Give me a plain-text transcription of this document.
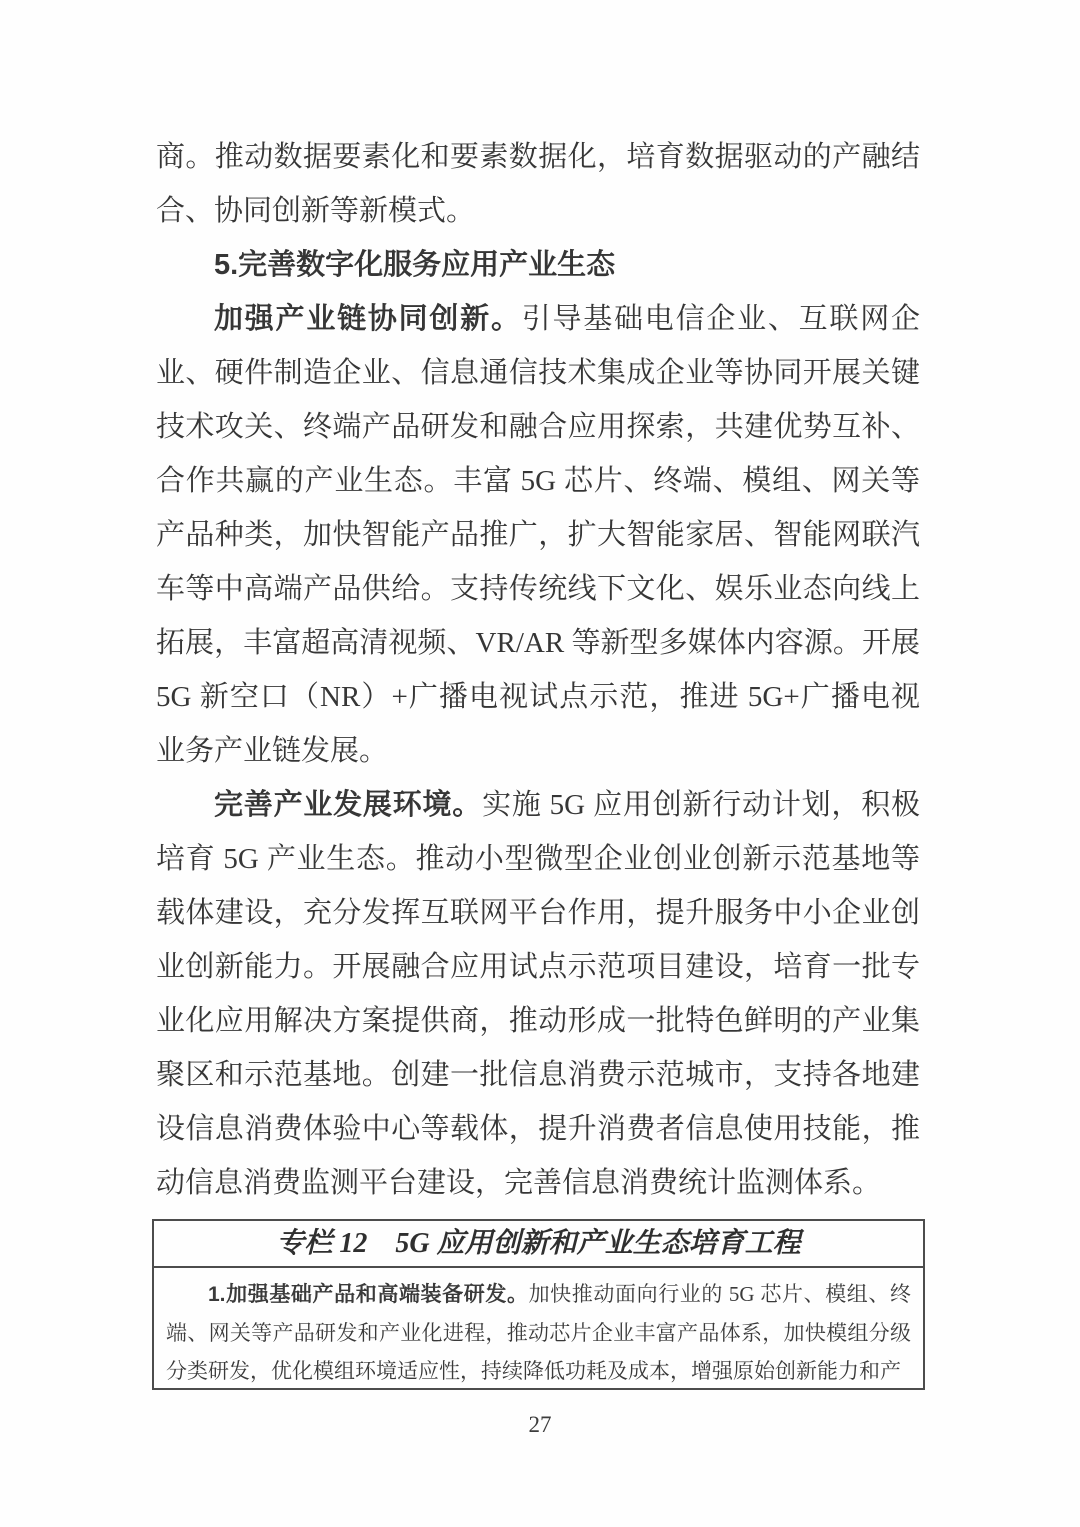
商。推动数据要素化和要素数据化，培育数据驱动的产融结合、协同创新等新模式。

5.完善数字化服务应用产业生态

加强产业链协同创新。引导基础电信企业、互联网企业、硬件制造企业、信息通信技术集成企业等协同开展关键技术攻关、终端产品研发和融合应用探索，共建优势互补、合作共赢的产业生态。丰富 5G 芯片、终端、模组、网关等产品种类，加快智能产品推广，扩大智能家居、智能网联汽车等中高端产品供给。支持传统线下文化、娱乐业态向线上拓展，丰富超高清视频、VR/AR 等新型多媒体内容源。开展 5G 新空口（NR）+广播电视试点示范，推进 5G+广播电视业务产业链发展。

完善产业发展环境。实施 5G 应用创新行动计划，积极培育 5G 产业生态。推动小型微型企业创业创新示范基地等载体建设，充分发挥互联网平台作用，提升服务中小企业创业创新能力。开展融合应用试点示范项目建设，培育一批专业化应用解决方案提供商，推动形成一批特色鲜明的产业集聚区和示范基地。创建一批信息消费示范城市，支持各地建设信息消费体验中心等载体，提升消费者信息使用技能，推动信息消费监测平台建设，完善信息消费统计监测体系。

专栏 12　5G 应用创新和产业生态培育工程

1.加强基础产品和高端装备研发。加快推动面向行业的 5G 芯片、模组、终端、网关等产品研发和产业化进程，推动芯片企业丰富产品体系，加快模组分级分类研发，优化模组环境适应性，持续降低功耗及成本，增强原始创新能力和产

27
